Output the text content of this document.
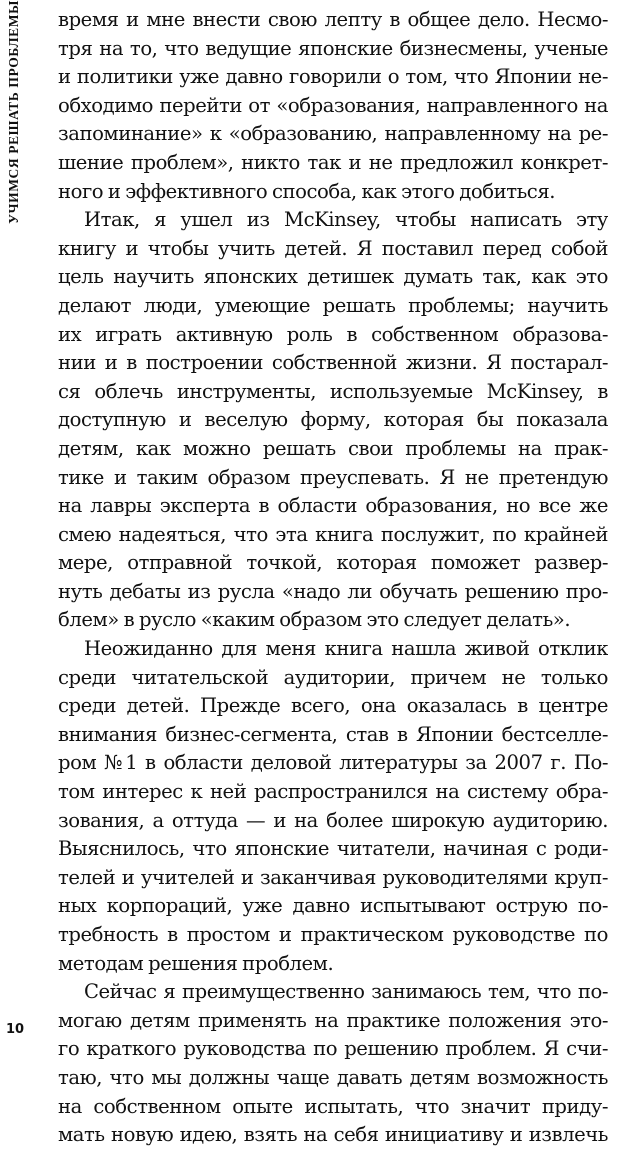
УЧИМСЯ РЕШАТЬ ПРОБЛЕМЫ время и мне внести свою лепту в общее дело. Несмо-
тря на то, что ведущие японские бизнесмены, ученые
и политики уже давно говорили о том, что Японии не-
обходимо перейти от «образования, направленного на
запоминание» к «образованию, направленному на ре-
шение проблем», никто так и не предложил конкрет-
ного и эффективного способа, как этого добиться.
Итак, я ушел из McKinsey, чтобы написать эту
книгу и чтобы учить детей. Я поставил перед собой
цель научить японских детишек думать так, как это
делают люди, умеющие решать проблемы; научить
их играть активную роль в собственном образова-
нии и в построении собственной жизни. Я постарал-
ся облечь инструменты, используемые McKinsey, в
доступную и веселую форму, которая бы показала
детям, как можно решать свои проблемы на прак-
тике и таким образом преуспевать. Я не претендую
на лавры эксперта в области образования, но все же
смею надеяться, что эта книга послужит, по крайней
мере, отправной точкой, которая поможет развер-
нуть дебаты из русла «надо ли обучать решению про-
блем» в русло «каким образом это следует делать».
Неожиданно для меня книга нашла живой отклик
среди читательской аудитории, причем не только
среди детей. Прежде всего, она оказалась в центре
внимания бизнес-сегмента, став в Японии бестселле-
ром №1 в области деловой литературы за 2007 г. По-
том интерес к ней распространился на систему обра-
зования, а оттуда — и на более широкую аудиторию.
Выяснилось, что японские читатели, начиная с роди-
телей и учителей и заканчивая руководителями круп-
ных корпораций, уже давно испытывают острую по-
требность в простом и практическом руководстве по
методам решения проблем.
Сейчас я преимущественно занимаюсь тем, что по-
могаю детям применять на практике положения это-
го краткого руководства по решению проблем. Я счи-
таю, что мы должны чаще давать детям возможность
на собственном опыте испытать, что значит приду-
мать новую идею, взять на себя инициативу и извлечь
10
